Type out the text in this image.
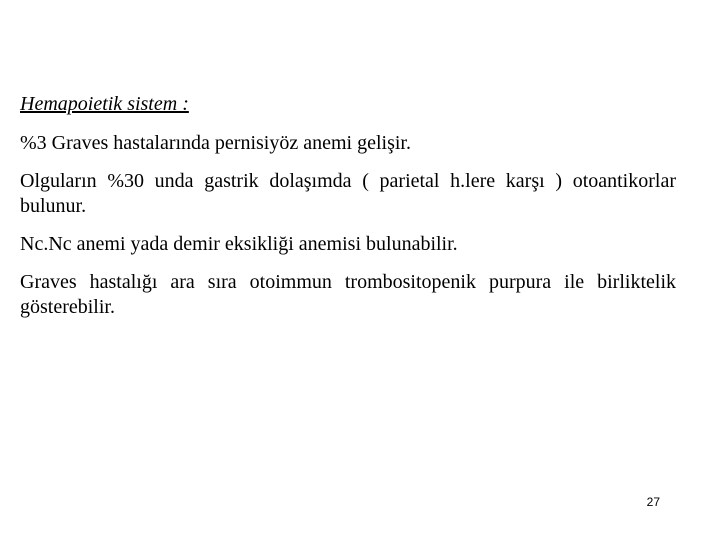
Hemapoietik sistem :

%3 Graves hastalarında pernisiyöz anemi gelişir.

Olguların %30 unda gastrik dolaşımda ( parietal h.lere karşı ) otoantikorlar bulunur.

Nc.Nc anemi yada demir eksikliği anemisi bulunabilir.

Graves hastalığı ara sıra otoimmun trombositopenik purpura ile birliktelik gösterebilir.

27
